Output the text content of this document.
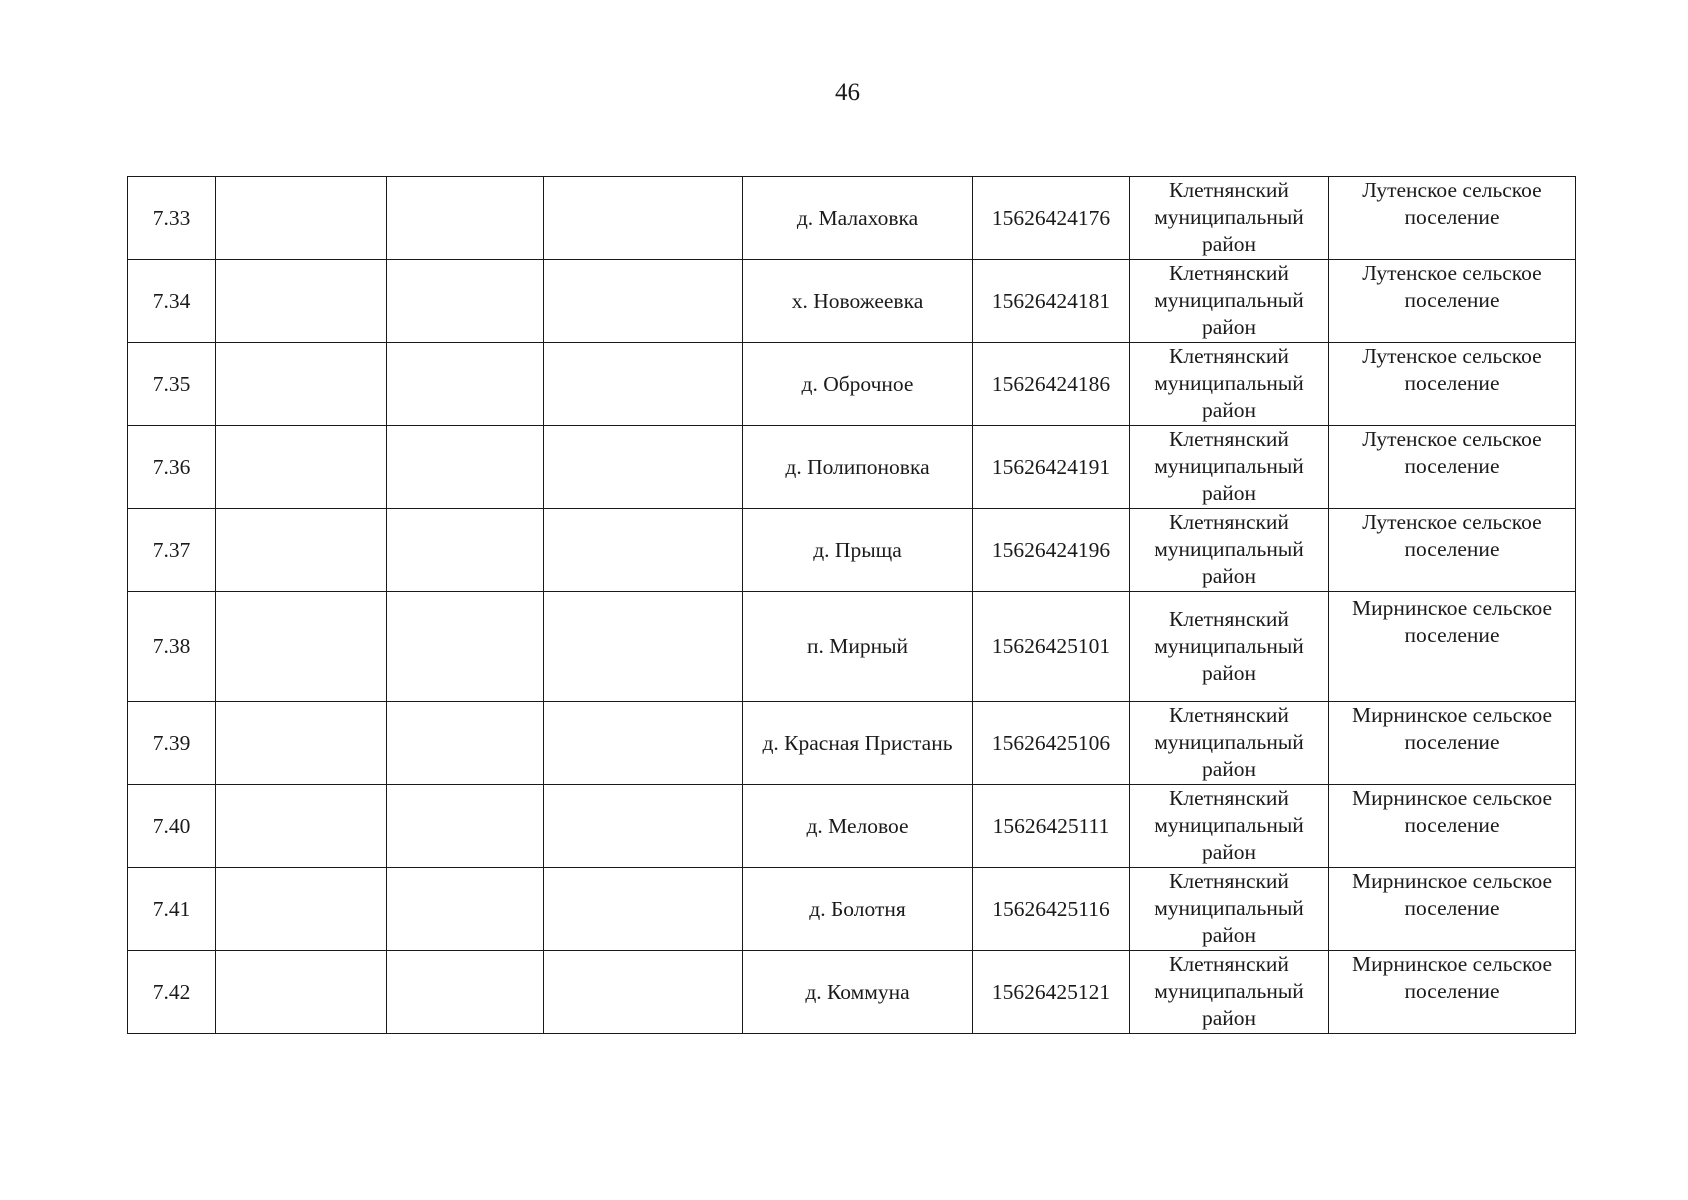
46
7.33				д. Малаховка	15626424176	Клетнянский муниципальный район	Лутенское сельское поселение
7.34				х. Новожеевка	15626424181	Клетнянский муниципальный район	Лутенское сельское поселение
7.35				д. Оброчное	15626424186	Клетнянский муниципальный район	Лутенское сельское поселение
7.36				д. Полипоновка	15626424191	Клетнянский муниципальный район	Лутенское сельское поселение
7.37				д. Прыща	15626424196	Клетнянский муниципальный район	Лутенское сельское поселение
7.38				п. Мирный	15626425101	Клетнянский муниципальный район	Мирнинское сельское поселение
7.39				д. Красная Пристань	15626425106	Клетнянский муниципальный район	Мирнинское сельское поселение
7.40				д. Меловое	15626425111	Клетнянский муниципальный район	Мирнинское сельское поселение
7.41				д. Болотня	15626425116	Клетнянский муниципальный район	Мирнинское сельское поселение
7.42				д. Коммуна	15626425121	Клетнянский муниципальный район	Мирнинское сельское поселение
